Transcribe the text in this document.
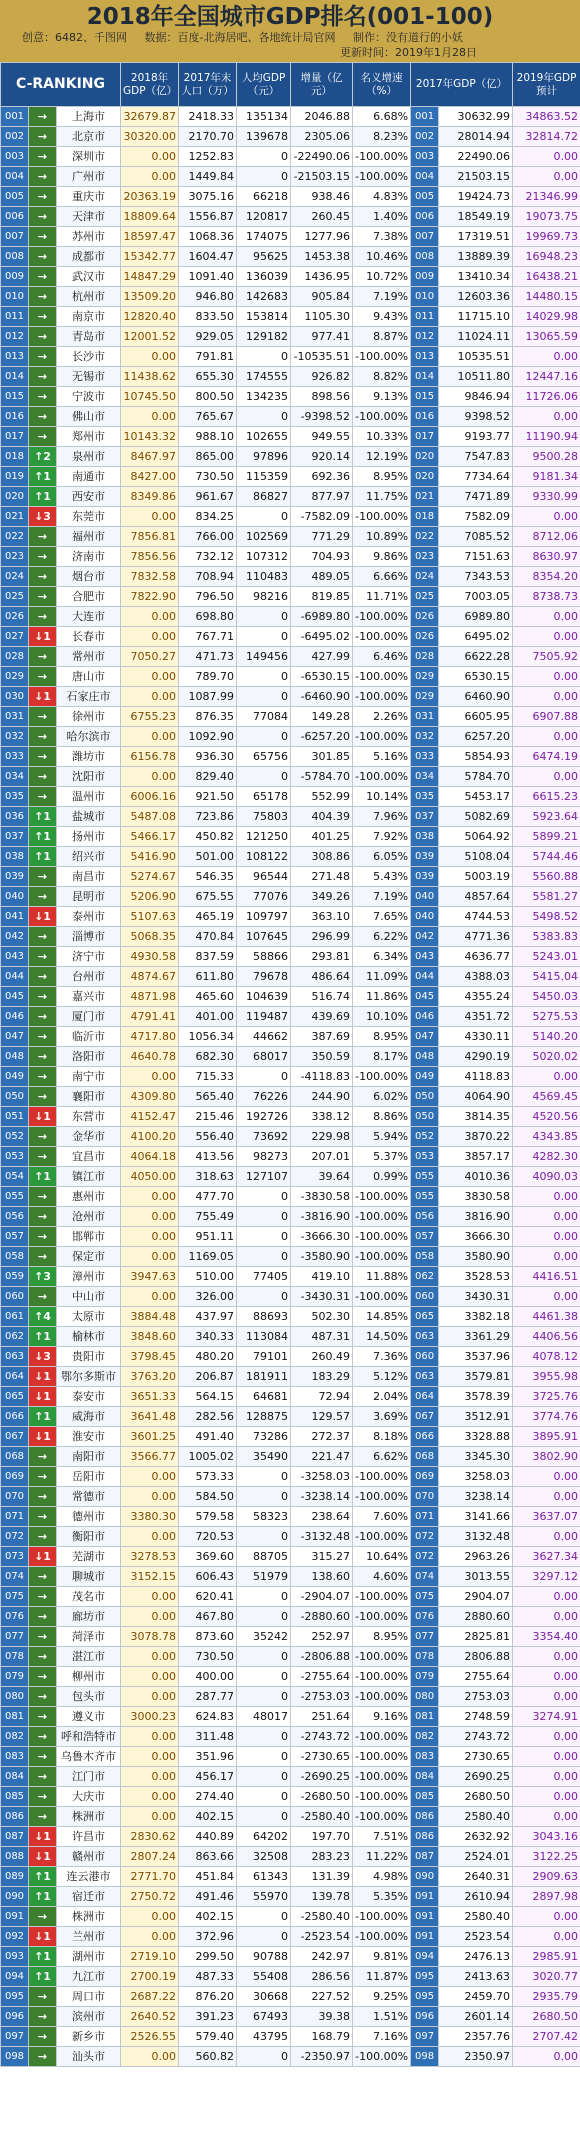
2018年全国城市GDP排名(001-100)
创意：6482、千图网 数据：百度-北海居吧、各地统计局官网 制作：没有道行的小妖
更新时间：2019年1月28日
C-RANKING			2018年GDP（亿）	2017年末人口（万）	人均GDP（元）	增量（亿元）	名义增速（%）	2017年GDP（亿）		2019年GDP预计
001	→	上海市	32679.87	2418.33	135134	2046.88	6.68%	001	30632.99	34863.52
002	→	北京市	30320.00	2170.70	139678	2305.06	8.23%	002	28014.94	32814.72
003	→	深圳市	0.00	1252.83	0	-22490.06	-100.00%	003	22490.06	0.00
004	→	广州市	0.00	1449.84	0	-21503.15	-100.00%	004	21503.15	0.00
005	→	重庆市	20363.19	3075.16	66218	938.46	4.83%	005	19424.73	21346.99
006	→	天津市	18809.64	1556.87	120817	260.45	1.40%	006	18549.19	19073.75
007	→	苏州市	18597.47	1068.36	174075	1277.96	7.38%	007	17319.51	19969.73
008	→	成都市	15342.77	1604.47	95625	1453.38	10.46%	008	13889.39	16948.23
009	→	武汉市	14847.29	1091.40	136039	1436.95	10.72%	009	13410.34	16438.21
010	→	杭州市	13509.20	946.80	142683	905.84	7.19%	010	12603.36	14480.15
011	→	南京市	12820.40	833.50	153814	1105.30	9.43%	011	11715.10	14029.98
012	→	青岛市	12001.52	929.05	129182	977.41	8.87%	012	11024.11	13065.59
013	→	长沙市	0.00	791.81	0	-10535.51	-100.00%	013	10535.51	0.00
014	→	无锡市	11438.62	655.30	174555	926.82	8.82%	014	10511.80	12447.16
015	→	宁波市	10745.50	800.50	134235	898.56	9.13%	015	9846.94	11726.06
016	→	佛山市	0.00	765.67	0	-9398.52	-100.00%	016	9398.52	0.00
017	→	郑州市	10143.32	988.10	102655	949.55	10.33%	017	9193.77	11190.94
018	↑2	泉州市	8467.97	865.00	97896	920.14	12.19%	020	7547.83	9500.28
019	↑1	南通市	8427.00	730.50	115359	692.36	8.95%	020	7734.64	9181.34
020	↑1	西安市	8349.86	961.67	86827	877.97	11.75%	021	7471.89	9330.99
021	↓3	东莞市	0.00	834.25	0	-7582.09	-100.00%	018	7582.09	0.00
022	→	福州市	7856.81	766.00	102569	771.29	10.89%	022	7085.52	8712.06
023	→	济南市	7856.56	732.12	107312	704.93	9.86%	023	7151.63	8630.97
024	→	烟台市	7832.58	708.94	110483	489.05	6.66%	024	7343.53	8354.20
025	→	合肥市	7822.90	796.50	98216	819.85	11.71%	025	7003.05	8738.73
026	→	大连市	0.00	698.80	0	-6989.80	-100.00%	026	6989.80	0.00
027	↓1	长春市	0.00	767.71	0	-6495.02	-100.00%	026	6495.02	0.00
028	→	常州市	7050.27	471.73	149456	427.99	6.46%	028	6622.28	7505.92
029	→	唐山市	0.00	789.70	0	-6530.15	-100.00%	029	6530.15	0.00
030	↓1	石家庄市	0.00	1087.99	0	-6460.90	-100.00%	029	6460.90	0.00
031	→	徐州市	6755.23	876.35	77084	149.28	2.26%	031	6605.95	6907.88
032	→	哈尔滨市	0.00	1092.90	0	-6257.20	-100.00%	032	6257.20	0.00
033	→	潍坊市	6156.78	936.30	65756	301.85	5.16%	033	5854.93	6474.19
034	→	沈阳市	0.00	829.40	0	-5784.70	-100.00%	034	5784.70	0.00
035	→	温州市	6006.16	921.50	65178	552.99	10.14%	035	5453.17	6615.23
036	↑1	盐城市	5487.08	723.86	75803	404.39	7.96%	037	5082.69	5923.64
037	↑1	扬州市	5466.17	450.82	121250	401.25	7.92%	038	5064.92	5899.21
038	↑1	绍兴市	5416.90	501.00	108122	308.86	6.05%	039	5108.04	5744.46
039	→	南昌市	5274.67	546.35	96544	271.48	5.43%	039	5003.19	5560.88
040	→	昆明市	5206.90	675.55	77076	349.26	7.19%	040	4857.64	5581.27
041	↓1	泰州市	5107.63	465.19	109797	363.10	7.65%	040	4744.53	5498.52
042	→	淄博市	5068.35	470.84	107645	296.99	6.22%	042	4771.36	5383.83
043	→	济宁市	4930.58	837.59	58866	293.81	6.34%	043	4636.77	5243.01
044	→	台州市	4874.67	611.80	79678	486.64	11.09%	044	4388.03	5415.04
045	→	嘉兴市	4871.98	465.60	104639	516.74	11.86%	045	4355.24	5450.03
046	→	厦门市	4791.41	401.00	119487	439.69	10.10%	046	4351.72	5275.53
047	→	临沂市	4717.80	1056.34	44662	387.69	8.95%	047	4330.11	5140.20
048	→	洛阳市	4640.78	682.30	68017	350.59	8.17%	048	4290.19	5020.02
049	→	南宁市	0.00	715.33	0	-4118.83	-100.00%	049	4118.83	0.00
050	→	襄阳市	4309.80	565.40	76226	244.90	6.02%	050	4064.90	4569.45
051	↓1	东营市	4152.47	215.46	192726	338.12	8.86%	050	3814.35	4520.56
052	→	金华市	4100.20	556.40	73692	229.98	5.94%	052	3870.22	4343.85
053	→	宜昌市	4064.18	413.56	98273	207.01	5.37%	053	3857.17	4282.30
054	↑1	镇江市	4050.00	318.63	127107	39.64	0.99%	055	4010.36	4090.03
055	→	惠州市	0.00	477.70	0	-3830.58	-100.00%	055	3830.58	0.00
056	→	沧州市	0.00	755.49	0	-3816.90	-100.00%	056	3816.90	0.00
057	→	邯郸市	0.00	951.11	0	-3666.30	-100.00%	057	3666.30	0.00
058	→	保定市	0.00	1169.05	0	-3580.90	-100.00%	058	3580.90	0.00
059	↑3	漳州市	3947.63	510.00	77405	419.10	11.88%	062	3528.53	4416.51
060	→	中山市	0.00	326.00	0	-3430.31	-100.00%	060	3430.31	0.00
061	↑4	太原市	3884.48	437.97	88693	502.30	14.85%	065	3382.18	4461.38
062	↑1	榆林市	3848.60	340.33	113084	487.31	14.50%	063	3361.29	4406.56
063	↓3	贵阳市	3798.45	480.20	79101	260.49	7.36%	060	3537.96	4078.12
064	↓1	鄂尔多斯市	3763.20	206.87	181911	183.29	5.12%	063	3579.81	3955.98
065	↓1	泰安市	3651.33	564.15	64681	72.94	2.04%	064	3578.39	3725.76
066	↑1	威海市	3641.48	282.56	128875	129.57	3.69%	067	3512.91	3774.76
067	↓1	淮安市	3601.25	491.40	73286	272.37	8.18%	066	3328.88	3895.91
068	→	南阳市	3566.77	1005.02	35490	221.47	6.62%	068	3345.30	3802.90
069	→	岳阳市	0.00	573.33	0	-3258.03	-100.00%	069	3258.03	0.00
070	→	常德市	0.00	584.50	0	-3238.14	-100.00%	070	3238.14	0.00
071	→	德州市	3380.30	579.58	58323	238.64	7.60%	071	3141.66	3637.07
072	→	衡阳市	0.00	720.53	0	-3132.48	-100.00%	072	3132.48	0.00
073	↓1	芜湖市	3278.53	369.60	88705	315.27	10.64%	072	2963.26	3627.34
074	→	聊城市	3152.15	606.43	51979	138.60	4.60%	074	3013.55	3297.12
075	→	茂名市	0.00	620.41	0	-2904.07	-100.00%	075	2904.07	0.00
076	→	廊坊市	0.00	467.80	0	-2880.60	-100.00%	076	2880.60	0.00
077	→	菏泽市	3078.78	873.60	35242	252.97	8.95%	077	2825.81	3354.40
078	→	湛江市	0.00	730.50	0	-2806.88	-100.00%	078	2806.88	0.00
079	→	柳州市	0.00	400.00	0	-2755.64	-100.00%	079	2755.64	0.00
080	→	包头市	0.00	287.77	0	-2753.03	-100.00%	080	2753.03	0.00
081	→	遵义市	3000.23	624.83	48017	251.64	9.16%	081	2748.59	3274.91
082	→	呼和浩特市	0.00	311.48	0	-2743.72	-100.00%	082	2743.72	0.00
083	→	乌鲁木齐市	0.00	351.96	0	-2730.65	-100.00%	083	2730.65	0.00
084	→	江门市	0.00	456.17	0	-2690.25	-100.00%	084	2690.25	0.00
085	→	大庆市	0.00	274.40	0	-2680.50	-100.00%	085	2680.50	0.00
086	→	株洲市	0.00	402.15	0	-2580.40	-100.00%	086	2580.40	0.00
087	↓1	许昌市	2830.62	440.89	64202	197.70	7.51%	086	2632.92	3043.16
088	↓1	赣州市	2807.24	863.66	32508	283.23	11.22%	087	2524.01	3122.25
089	↑1	连云港市	2771.70	451.84	61343	131.39	4.98%	090	2640.31	2909.63
090	↑1	宿迁市	2750.72	491.46	55970	139.78	5.35%	091	2610.94	2897.98
091	→	株洲市	0.00	402.15	0	-2580.40	-100.00%	091	2580.40	0.00
092	↓1	兰州市	0.00	372.96	0	-2523.54	-100.00%	091	2523.54	0.00
093	↑1	湖州市	2719.10	299.50	90788	242.97	9.81%	094	2476.13	2985.91
094	↑1	九江市	2700.19	487.33	55408	286.56	11.87%	095	2413.63	3020.77
095	→	周口市	2687.22	876.20	30668	227.52	9.25%	095	2459.70	2935.79
096	→	滨州市	2640.52	391.23	67493	39.38	1.51%	096	2601.14	2680.50
097	→	新乡市	2526.55	579.40	43795	168.79	7.16%	097	2357.76	2707.42
098	→	汕头市	0.00	560.82	0	-2350.97	-100.00%	098	2350.97	0.00
